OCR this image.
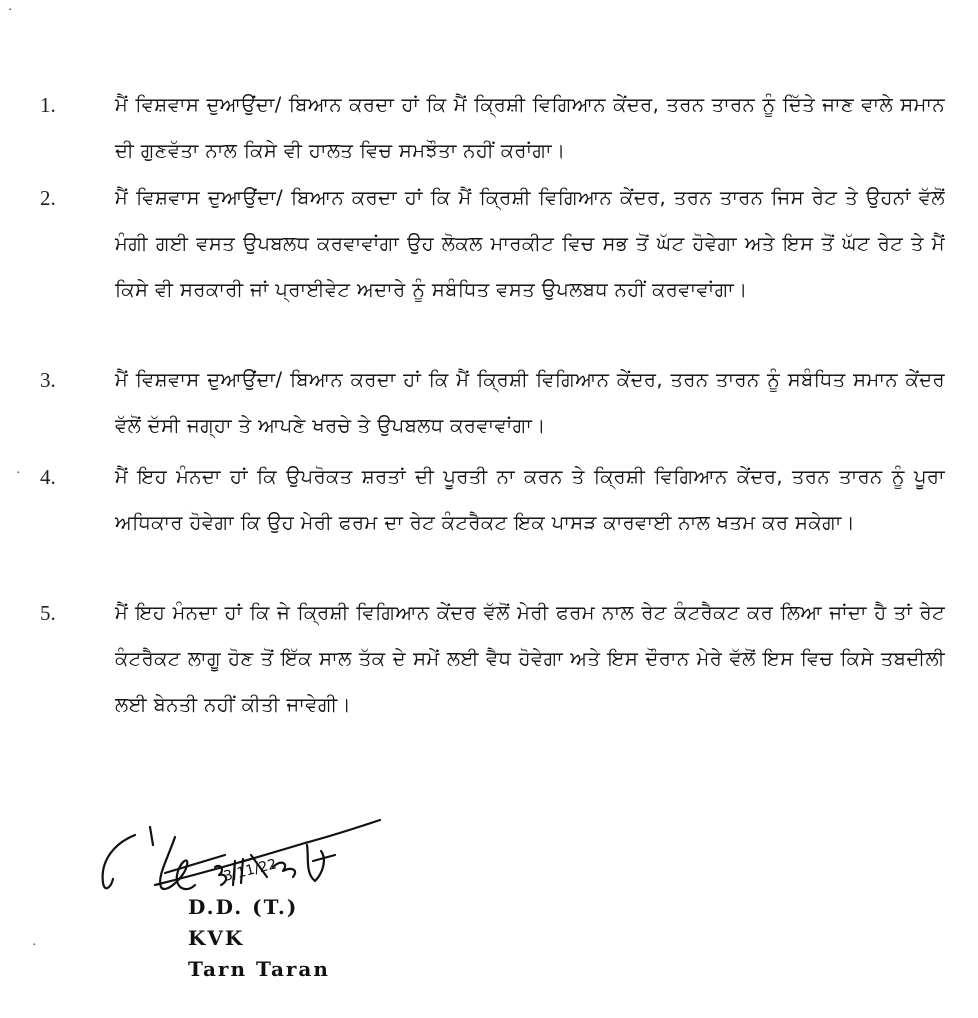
⋅
1.	ਮੈਂ ਵਿਸ਼ਵਾਸ ਦੁਆਉਂਦਾ/ ਬਿਆਨ ਕਰਦਾ ਹਾਂ ਕਿ ਮੈਂ ਕ੍ਰਿਸ਼ੀ ਵਿਗਿਆਨ ਕੇਂਦਰ, ਤਰਨ ਤਾਰਨ ਨੂੰ ਦਿੱਤੇ ਜਾਣ ਵਾਲੇ ਸਮਾਨ ਦੀ ਗੁਣਵੱਤਾ ਨਾਲ ਕਿਸੇ ਵੀ ਹਾਲਤ ਵਿਚ ਸਮਝੌਤਾ ਨਹੀਂ ਕਰਾਂਗਾ।
2.	ਮੈਂ ਵਿਸ਼ਵਾਸ ਦੁਆਉਂਦਾ/ ਬਿਆਨ ਕਰਦਾ ਹਾਂ ਕਿ ਮੈਂ ਕ੍ਰਿਸ਼ੀ ਵਿਗਿਆਨ ਕੇਂਦਰ, ਤਰਨ ਤਾਰਨ ਜਿਸ ਰੇਟ ਤੇ ਉਹਨਾਂ ਵੱਲੋਂ ਮੰਗੀ ਗਈ ਵਸਤ ਉਪਬਲਧ ਕਰਵਾਵਾਂਗਾ ਉਹ ਲੋਕਲ ਮਾਰਕੀਟ ਵਿਚ ਸਭ ਤੋਂ ਘੱਟ ਹੋਵੇਗਾ ਅਤੇ ਇਸ ਤੋਂ ਘੱਟ ਰੇਟ ਤੇ ਮੈਂ ਕਿਸੇ ਵੀ ਸਰਕਾਰੀ ਜਾਂ ਪ੍ਰਾਈਵੇਟ ਅਦਾਰੇ ਨੂੰ ਸਬੰਧਿਤ ਵਸਤ ਉਪਲਬਧ ਨਹੀਂ ਕਰਵਾਵਾਂਗਾ।
3.	ਮੈਂ ਵਿਸ਼ਵਾਸ ਦੁਆਉਂਦਾ/ ਬਿਆਨ ਕਰਦਾ ਹਾਂ ਕਿ ਮੈਂ ਕ੍ਰਿਸ਼ੀ ਵਿਗਿਆਨ ਕੇਂਦਰ, ਤਰਨ ਤਾਰਨ ਨੂੰ ਸਬੰਧਿਤ ਸਮਾਨ ਕੇਂਦਰ ਵੱਲੋਂ ਦੱਸੀ ਜਗ੍ਹਾ ਤੇ ਆਪਣੇ ਖਰਚੇ ਤੇ ਉਪਬਲਧ ਕਰਵਾਵਾਂਗਾ।
· 4.	ਮੈਂ ਇਹ ਮੰਨਦਾ ਹਾਂ ਕਿ ਉਪਰੋਕਤ ਸ਼ਰਤਾਂ ਦੀ ਪੂਰਤੀ ਨਾ ਕਰਨ ਤੇ ਕ੍ਰਿਸ਼ੀ ਵਿਗਿਆਨ ਕੇਂਦਰ, ਤਰਨ ਤਾਰਨ ਨੂੰ ਪੂਰਾ ਅਧਿਕਾਰ ਹੋਵੇਗਾ ਕਿ ਉਹ ਮੇਰੀ ਫਰਮ ਦਾ ਰੇਟ ਕੰਟਰੈਕਟ ਇਕ ਪਾਸੜ ਕਾਰਵਾਈ ਨਾਲ ਖਤਮ ਕਰ ਸਕੇਗਾ।
5.	ਮੈਂ ਇਹ ਮੰਨਦਾ ਹਾਂ ਕਿ ਜੇ ਕ੍ਰਿਸ਼ੀ ਵਿਗਿਆਨ ਕੇਂਦਰ ਵੱਲੋਂ ਮੇਰੀ ਫਰਮ ਨਾਲ ਰੇਟ ਕੰਟਰੈਕਟ ਕਰ ਲਿਆ ਜਾਂਦਾ ਹੈ ਤਾਂ ਰੇਟ ਕੰਟਰੈਕਟ ਲਾਗੂ ਹੋਣ ਤੋਂ ਇੱਕ ਸਾਲ ਤੱਕ ਦੇ ਸਮੇਂ ਲਈ ਵੈਧ ਹੋਵੇਗਾ ਅਤੇ ਇਸ ਦੌਰਾਨ ਮੇਰੇ ਵੱਲੋਂ ਇਸ ਵਿਚ ਕਿਸੇ ਤਬਦੀਲੀ ਲਈ ਬੇਨਤੀ ਨਹੀਂ ਕੀਤੀ ਜਾਵੇਗੀ।
3/11/22
D.D. (T.)
KVK
Tarn Taran
·
